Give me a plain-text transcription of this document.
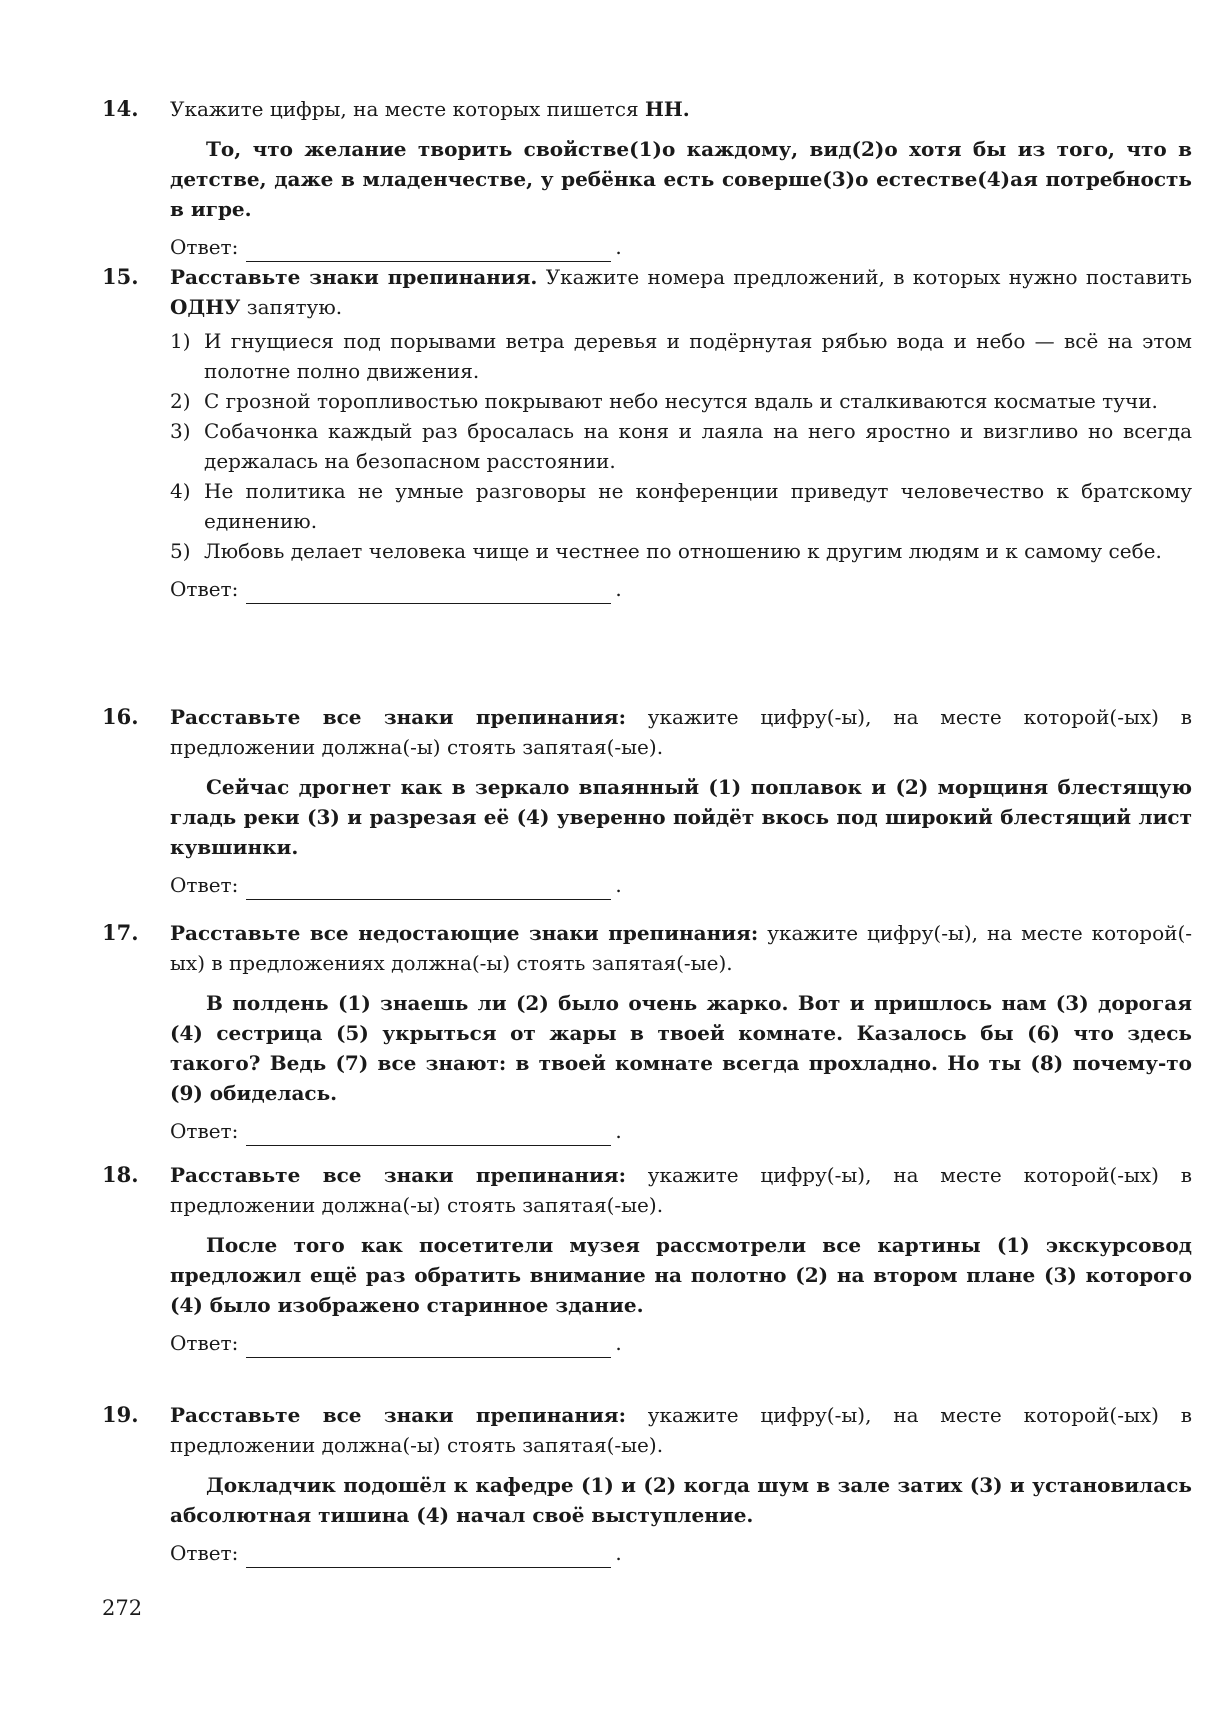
14. Укажите цифры, на месте которых пишется НН.
То, что желание творить свойстве(1)о каждому, вид(2)о хотя бы из того, что в детстве, даже в младенчестве, у ребёнка есть соверше(3)о естестве(4)ая потребность в игре.
Ответ:	.
15. Расставьте знаки препинания. Укажите номера предложений, в которых нужно поставить ОДНУ запятую.
1) И гнущиеся под порывами ветра деревья и подёрнутая рябью вода и небо — всё на этом полотне полно движения.
2) С грозной торопливостью покрывают небо несутся вдаль и сталкиваются косматые тучи.
3) Собачонка каждый раз бросалась на коня и лаяла на него яростно и визгливо но всегда держалась на безопасном расстоянии.
4) Не политика не умные разговоры не конференции приведут человечество к братскому единению.
5) Любовь делает человека чище и честнее по отношению к другим людям и к самому себе.
Ответ:	.
16. Расставьте все знаки препинания: укажите цифру(-ы), на месте которой(-ых) в предложении должна(-ы) стоять запятая(-ые).
Сейчас дрогнет как в зеркало впаянный (1) поплавок и (2) морщиня блестящую гладь реки (3) и разрезая её (4) уверенно пойдёт вкось под широкий блестящий лист кувшинки.
Ответ:	.
17. Расставьте все недостающие знаки препинания: укажите цифру(-ы), на месте которой(-ых) в предложениях должна(-ы) стоять запятая(-ые).
В полдень (1) знаешь ли (2) было очень жарко. Вот и пришлось нам (3) дорогая (4) сестрица (5) укрыться от жары в твоей комнате. Казалось бы (6) что здесь такого? Ведь (7) все знают: в твоей комнате всегда прохладно. Но ты (8) почему-то (9) обиделась.
Ответ:	.
18. Расставьте все знаки препинания: укажите цифру(-ы), на месте которой(-ых) в предложении должна(-ы) стоять запятая(-ые).
После того как посетители музея рассмотрели все картины (1) экскурсовод предложил ещё раз обратить внимание на полотно (2) на втором плане (3) которого (4) было изображено старинное здание.
Ответ:	.
19. Расставьте все знаки препинания: укажите цифру(-ы), на месте которой(-ых) в предложении должна(-ы) стоять запятая(-ые).
Докладчик подошёл к кафедре (1) и (2) когда шум в зале затих (3) и установилась абсолютная тишина (4) начал своё выступление.
Ответ:	.
272
